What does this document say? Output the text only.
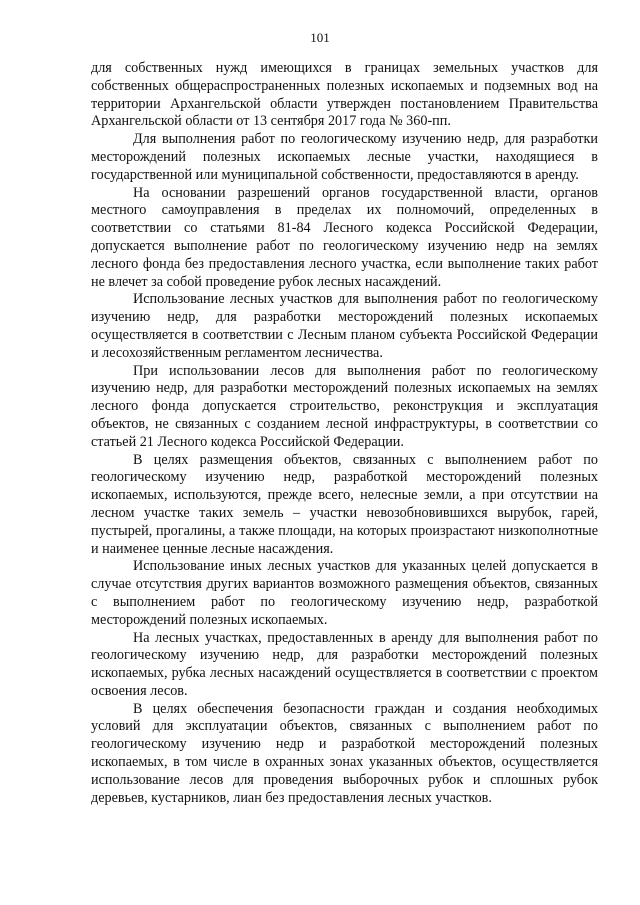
101

для собственных нужд имеющихся в границах земельных участков для собственных общераспространенных полезных ископаемых и подземных вод на территории Архангельской области утвержден постановлением Правительства Архангельской области от 13 сентября 2017 года № 360-пп.

Для выполнения работ по геологическому изучению недр, для разработки месторождений полезных ископаемых лесные участки, находящиеся в государственной или муниципальной собственности, предоставляются в аренду.

На основании разрешений органов государственной власти, органов местного самоуправления в пределах их полномочий, определенных в соответствии со статьями 81-84 Лесного кодекса Российской Федерации, допускается выполнение работ по геологическому изучению недр на землях лесного фонда без предоставления лесного участка, если выполнение таких работ не влечет за собой проведение рубок лесных насаждений.

Использование лесных участков для выполнения работ по геологическому изучению недр, для разработки месторождений полезных ископаемых осуществляется в соответствии с Лесным планом субъекта Российской Федерации и лесохозяйственным регламентом лесничества.

При использовании лесов для выполнения работ по геологическому изучению недр, для разработки месторождений полезных ископаемых на землях лесного фонда допускается строительство, реконструкция и эксплуатация объектов, не связанных с созданием лесной инфраструктуры, в соответствии со статьей 21 Лесного кодекса Российской Федерации.

В целях размещения объектов, связанных с выполнением работ по геологическому изучению недр, разработкой месторождений полезных ископаемых, используются, прежде всего, нелесные земли, а при отсутствии на лесном участке таких земель – участки невозобновившихся вырубок, гарей, пустырей, прогалины, а также площади, на которых произрастают низкополнотные и наименее ценные лесные насаждения.

Использование иных лесных участков для указанных целей допускается в случае отсутствия других вариантов возможного размещения объектов, связанных с выполнением работ по геологическому изучению недр, разработкой месторождений полезных ископаемых.

На лесных участках, предоставленных в аренду для выполнения работ по геологическому изучению недр, для разработки месторождений полезных ископаемых, рубка лесных насаждений осуществляется в соответствии с проектом освоения лесов.

В целях обеспечения безопасности граждан и создания необходимых условий для эксплуатации объектов, связанных с выполнением работ по геологическому изучению недр и разработкой месторождений полезных ископаемых, в том числе в охранных зонах указанных объектов, осуществляется использование лесов для проведения выборочных рубок и сплошных рубок деревьев, кустарников, лиан без предоставления лесных участков.
